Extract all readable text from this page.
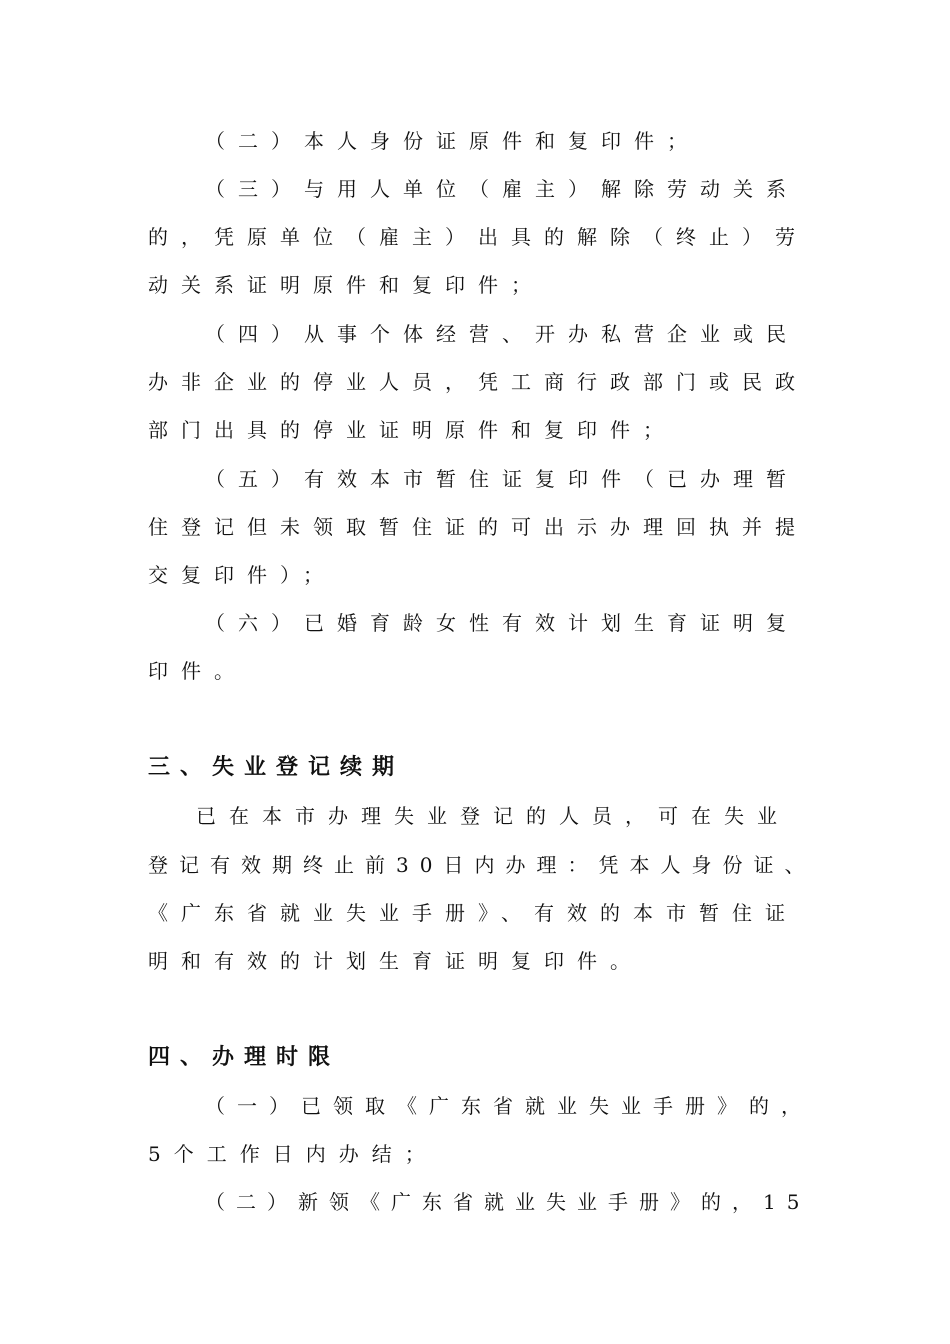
（二）本人身份证原件和复印件；
（三）与用人单位（雇主）解除劳动关系
的，凭原单位（雇主）出具的解除（终止）劳
动关系证明原件和复印件；
（四）从事个体经营、开办私营企业或民
办非企业的停业人员，凭工商行政部门或民政
部门出具的停业证明原件和复印件；
（五）有效本市暂住证复印件（已办理暂
住登记但未领取暂住证的可出示办理回执并提
交复印件）；
（六）已婚育龄女性有效计划生育证明复
印件。
三、失业登记续期
已在本市办理失业登记的人员，可在失业
登记有效期终止前30日内办理：凭本人身份证、
《广东省就业失业手册》、有效的本市暂住证
明和有效的计划生育证明复印件。
四、办理时限
（一）已领取《广东省就业失业手册》的，
5个工作日内办结；
（二）新领《广东省就业失业手册》的，15
